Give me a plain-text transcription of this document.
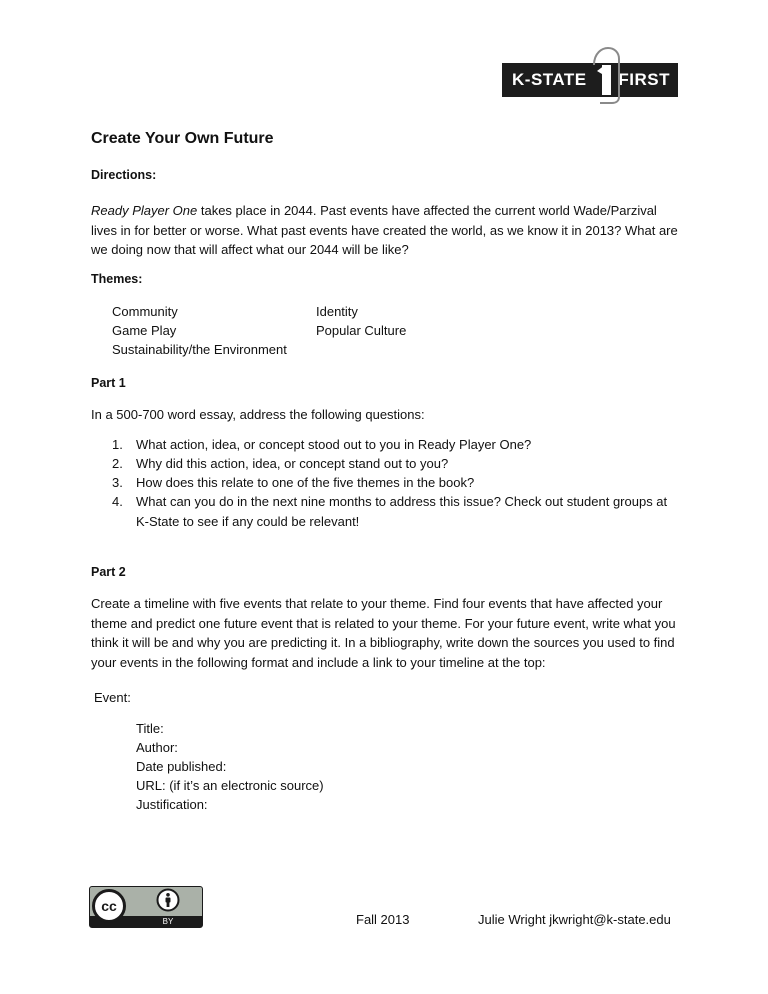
K-STATE FIRST
Create Your Own Future
Directions:
Ready Player One takes place in 2044. Past events have affected the current world Wade/Parzival lives in for better or worse. What past events have created the world, as we know it in 2013? What are we doing now that will affect what our 2044 will be like?
Themes:
Community
Game Play
Sustainability/the Environment
Identity
Popular Culture
Part 1
In a 500-700 word essay, address the following questions:
1. What action, idea, or concept stood out to you in Ready Player One?
2. Why did this action, idea, or concept stand out to you?
3. How does this relate to one of the five themes in the book?
4. What can you do in the next nine months to address this issue? Check out student groups at K-State to see if any could be relevant!
Part 2
Create a timeline with five events that relate to your theme. Find four events that have affected your theme and predict one future event that is related to your theme. For your future event, write what you think it will be and why you are predicting it. In a bibliography, write down the sources you used to find your events in the following format and include a link to your timeline at the top:
Event:
Title:
Author:
Date published:
URL: (if it’s an electronic source)
Justification:
BY
cc
Fall 2013	Julie Wright jkwright@k-state.edu
